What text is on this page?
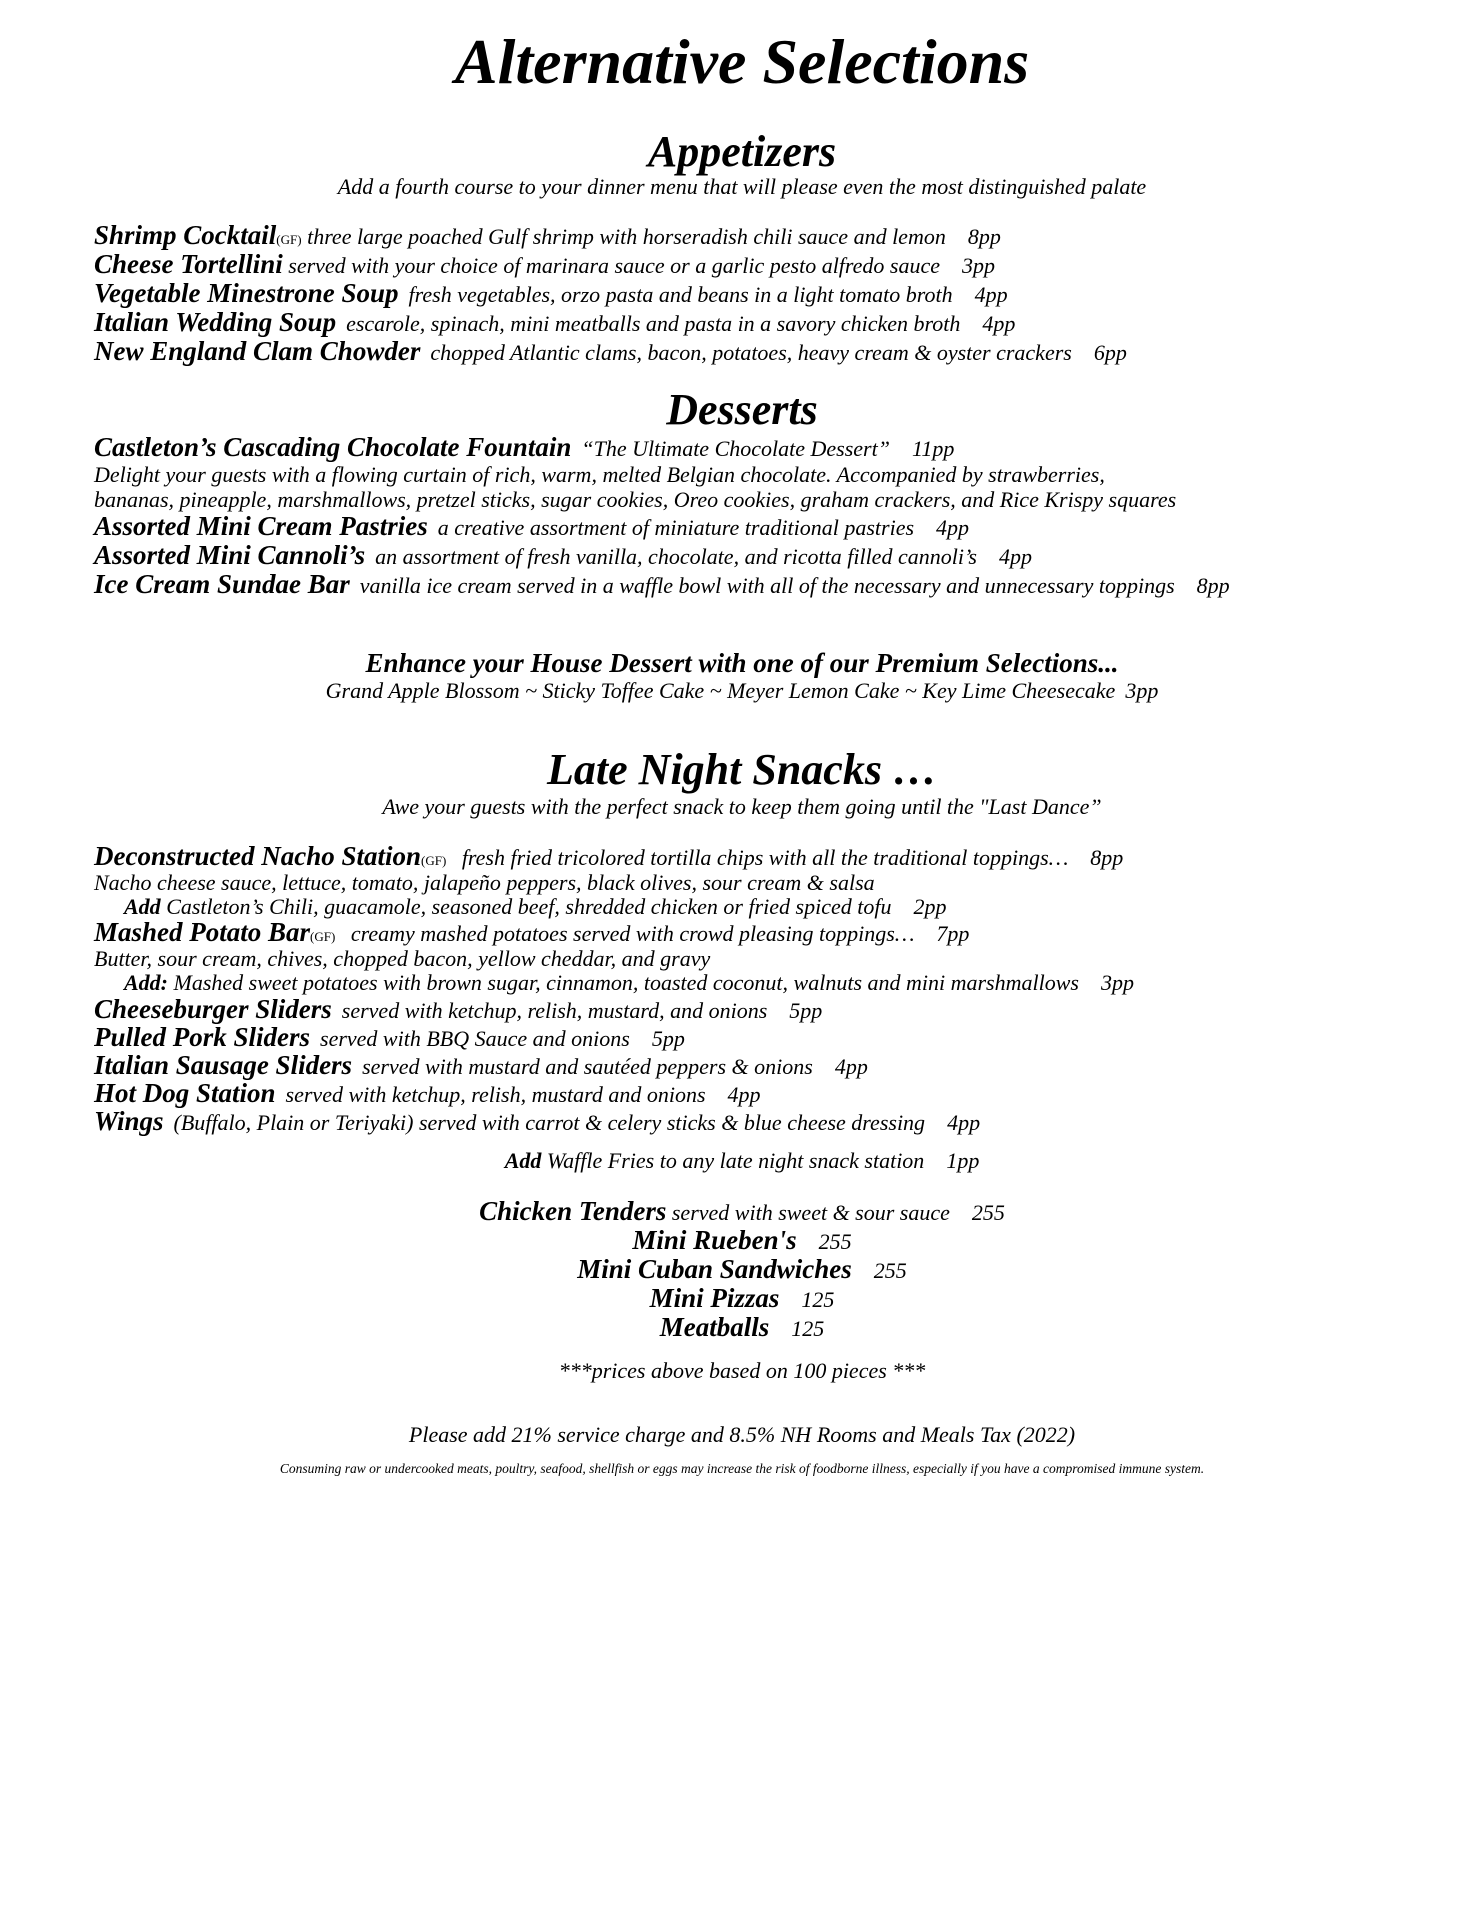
Alternative Selections
Appetizers
Add a fourth course to your dinner menu that will please even the most distinguished palate
Shrimp Cocktail(GF) three large poached Gulf shrimp with horseradish chili sauce and lemon 8pp
Cheese Tortellini served with your choice of marinara sauce or a garlic pesto alfredo sauce 3pp
Vegetable Minestrone Soup fresh vegetables, orzo pasta and beans in a light tomato broth 4pp
Italian Wedding Soup escarole, spinach, mini meatballs and pasta in a savory chicken broth 4pp
New England Clam Chowder chopped Atlantic clams, bacon, potatoes, heavy cream & oyster crackers 6pp
Desserts
Castleton’s Cascading Chocolate Fountain “The Ultimate Chocolate Dessert” 11pp
Delight your guests with a flowing curtain of rich, warm, melted Belgian chocolate. Accompanied by strawberries,
bananas, pineapple, marshmallows, pretzel sticks, sugar cookies, Oreo cookies, graham crackers, and Rice Krispy squares
Assorted Mini Cream Pastries a creative assortment of miniature traditional pastries 4pp
Assorted Mini Cannoli’s an assortment of fresh vanilla, chocolate, and ricotta filled cannoli’s 4pp
Ice Cream Sundae Bar vanilla ice cream served in a waffle bowl with all of the necessary and unnecessary toppings 8pp
Enhance your House Dessert with one of our Premium Selections...
Grand Apple Blossom ~ Sticky Toffee Cake ~ Meyer Lemon Cake ~ Key Lime Cheesecake 3pp
Late Night Snacks …
Awe your guests with the perfect snack to keep them going until the "Last Dance”
Deconstructed Nacho Station(GF) fresh fried tricolored tortilla chips with all the traditional toppings… 8pp
Nacho cheese sauce, lettuce, tomato, jalapeño peppers, black olives, sour cream & salsa
Add Castleton’s Chili, guacamole, seasoned beef, shredded chicken or fried spiced tofu 2pp
Mashed Potato Bar(GF) creamy mashed potatoes served with crowd pleasing toppings… 7pp
Butter, sour cream, chives, chopped bacon, yellow cheddar, and gravy
Add: Mashed sweet potatoes with brown sugar, cinnamon, toasted coconut, walnuts and mini marshmallows 3pp
Cheeseburger Sliders served with ketchup, relish, mustard, and onions 5pp
Pulled Pork Sliders served with BBQ Sauce and onions 5pp
Italian Sausage Sliders served with mustard and sautéed peppers & onions 4pp
Hot Dog Station served with ketchup, relish, mustard and onions 4pp
Wings (Buffalo, Plain or Teriyaki) served with carrot & celery sticks & blue cheese dressing 4pp
Add Waffle Fries to any late night snack station 1pp
Chicken Tenders served with sweet & sour sauce 255
Mini Rueben's 255
Mini Cuban Sandwiches 255
Mini Pizzas 125
Meatballs 125
***prices above based on 100 pieces ***
Please add 21% service charge and 8.5% NH Rooms and Meals Tax (2022)
Consuming raw or undercooked meats, poultry, seafood, shellfish or eggs may increase the risk of foodborne illness, especially if you have a compromised immune system.
